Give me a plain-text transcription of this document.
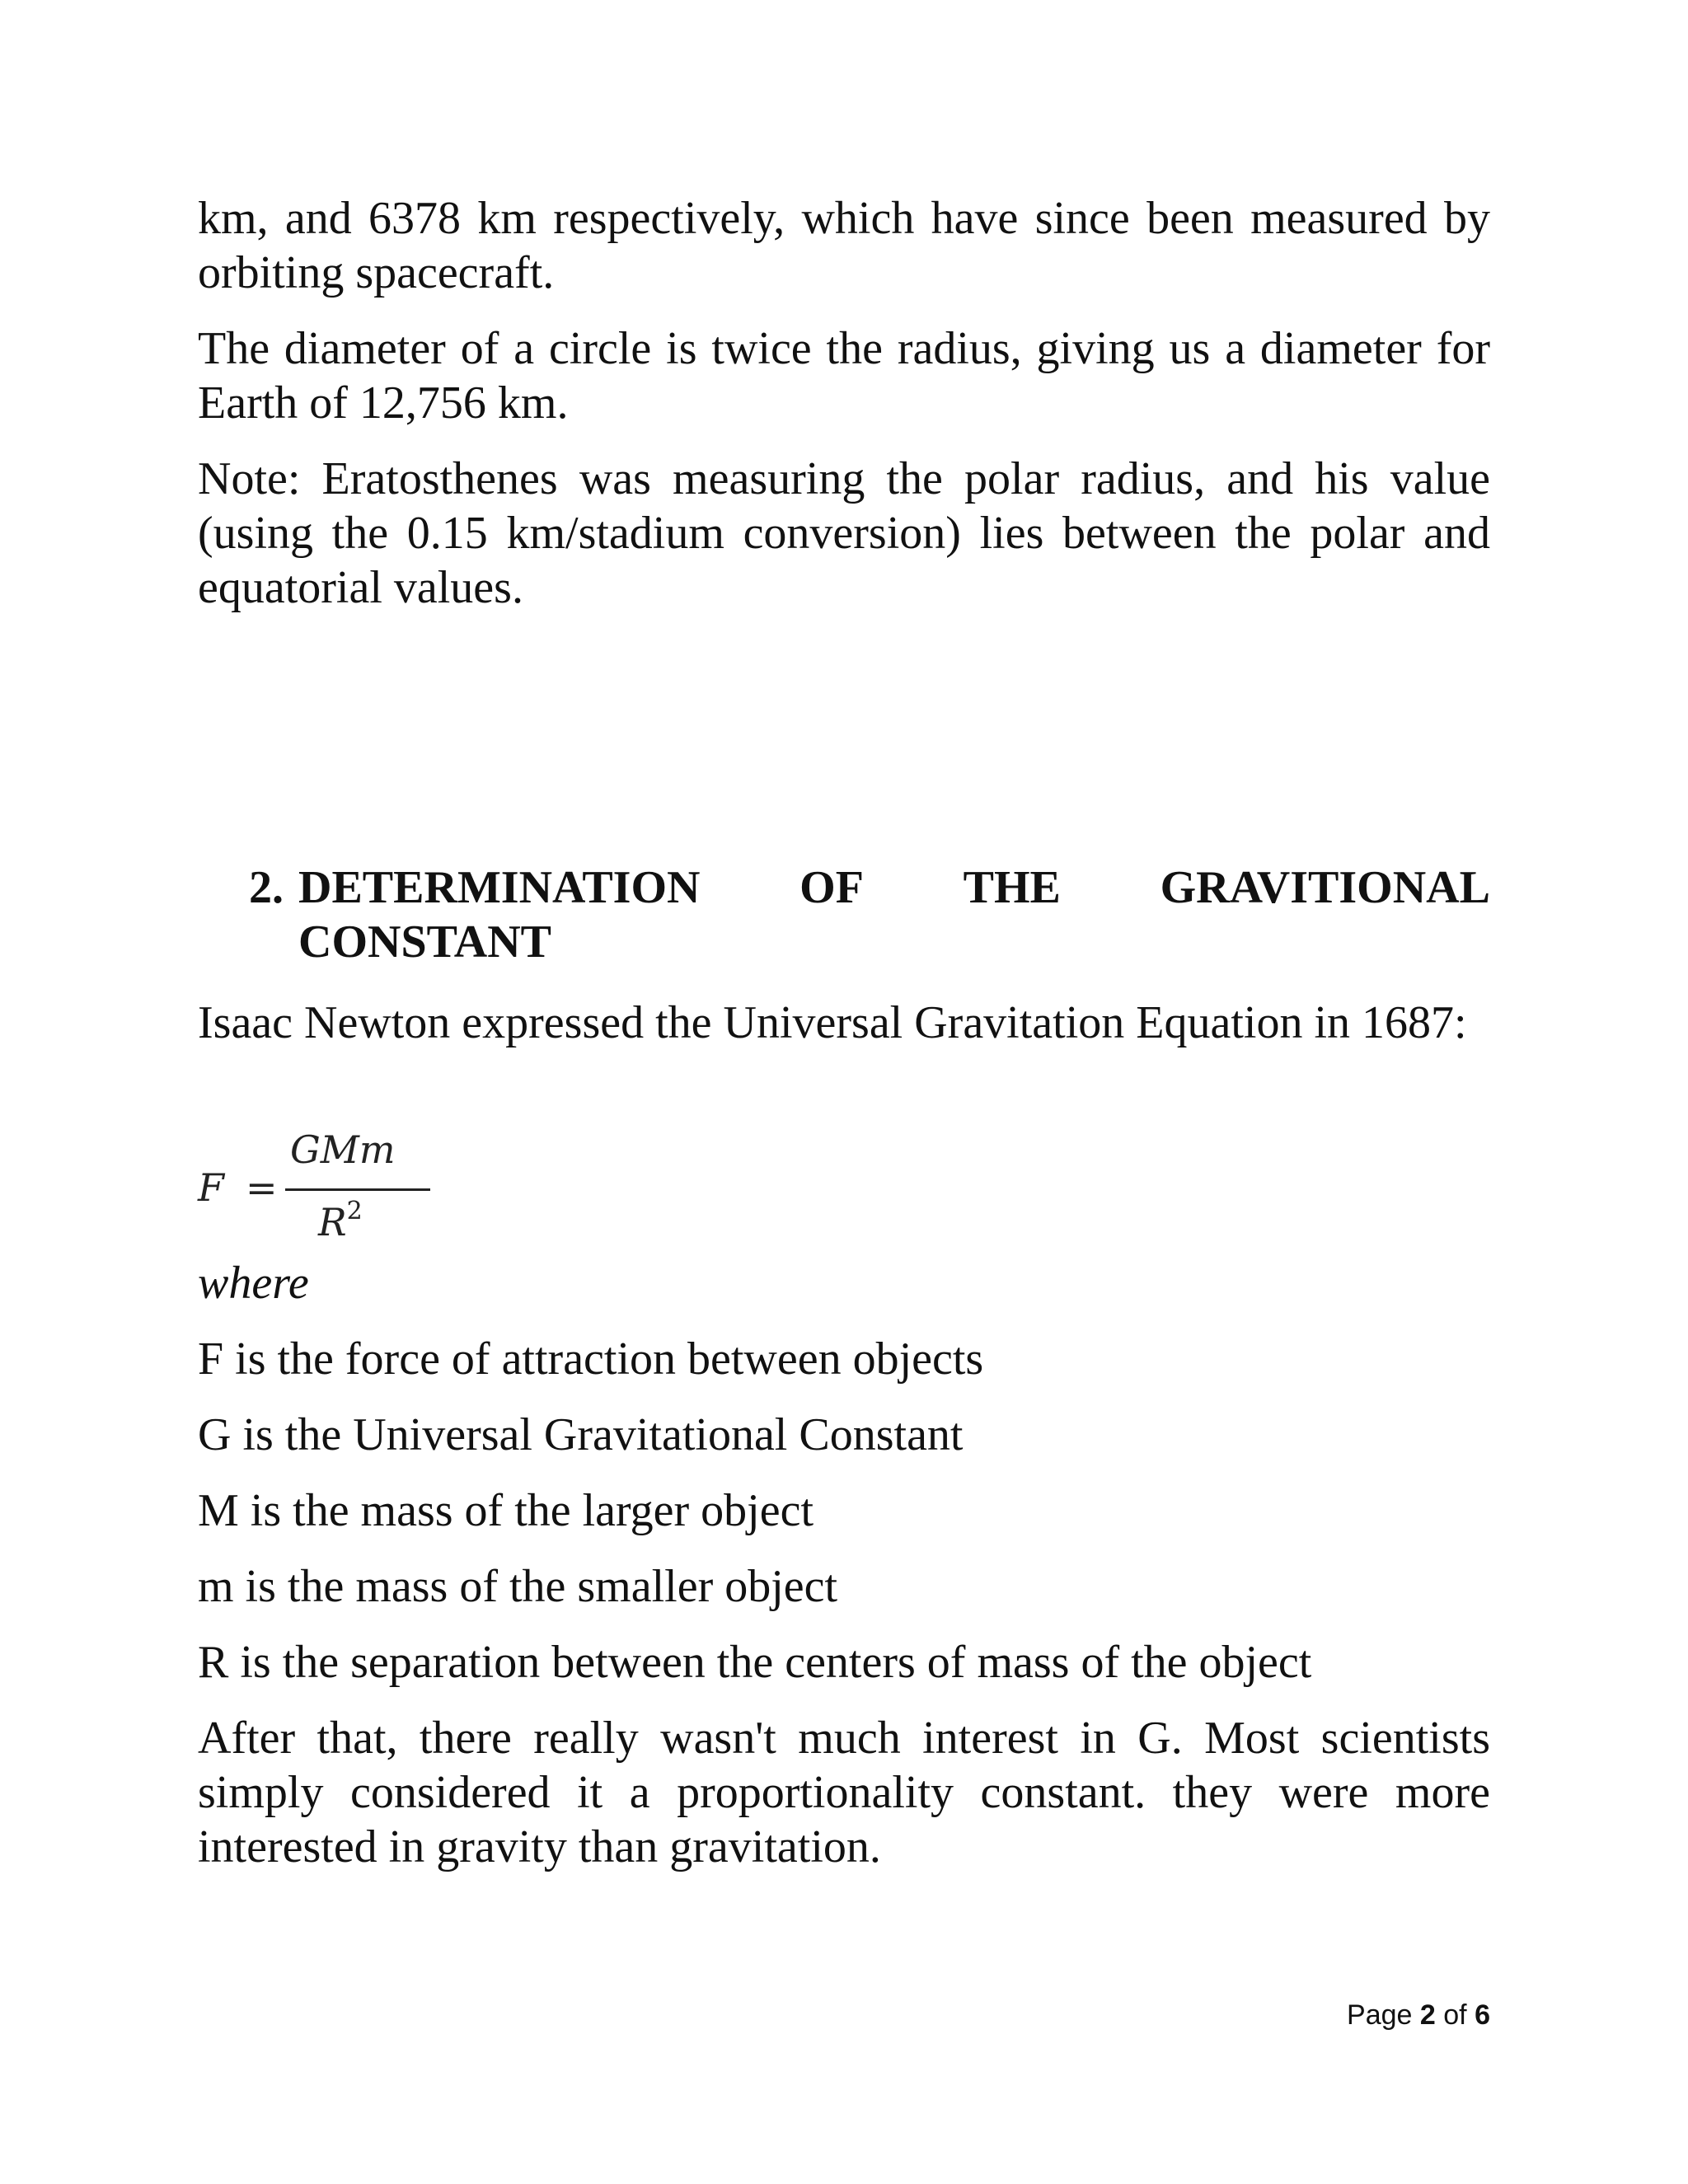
km, and 6378 km respectively, which have since been measured by orbiting spacecraft.

The diameter of a circle is twice the radius, giving us a diameter for Earth of 12,756 km.

Note: Eratosthenes was measuring the polar radius, and his value (using the 0.15 km/stadium conversion) lies between the polar and equatorial values.

2. DETERMINATION OF THE GRAVITIONAL
CONSTANT

Isaac Newton expressed the Universal Gravitation Equation in 1687:

F =
GMm
$R^2$

where

F is the force of attraction between objects

G is the Universal Gravitational Constant

M is the mass of the larger object

m is the mass of the smaller object

R is the separation between the centers of mass of the object

After that, there really wasn't much interest in G. Most scientists simply considered it a proportionality constant. they were more interested in gravity than gravitation.

Page 2 of 6
